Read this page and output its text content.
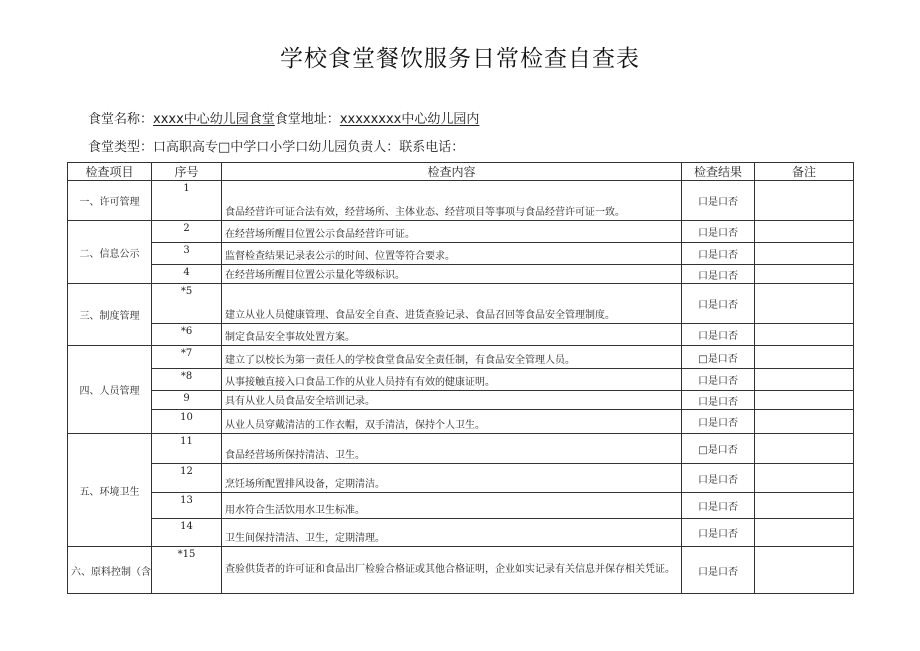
学校食堂餐饮服务日常检查自查表
食堂名称：xxxx中心幼儿园食堂食堂地址：xxxxxxxx中心幼儿园内
食堂类型：口高职高专□中学口小学口幼儿园负责人：联系电话：
检查项目	序号	检查内容	检查结果	备注
一、许可管理	1	食品经营许可证合法有效，经营场所、主体业态、经营项目等事项与食品经营许可证一致。	口是口否	
二、信息公示	2	在经营场所醒目位置公示食品经营许可证。	口是口否	
	3	监督检查结果记录表公示的时间、位置等符合要求。	口是口否	
	4	在经营场所醒目位置公示量化等级标识。	口是口否	
三、制度管理	*5	建立从业人员健康管理、食品安全自查、进货查验记录、食品召回等食品安全管理制度。	口是口否	
	*6	制定食品安全事故处置方案。	口是口否	
四、人员管理	*7	建立了以校长为第一责任人的学校食堂食品安全责任制，有食品安全管理人员。	□是口否	
	*8	从事接触直接入口食品工作的从业人员持有有效的健康证明。	口是口否	
	9	具有从业人员食品安全培训记录。	口是口否	
	10	从业人员穿戴清洁的工作衣帽，双手清洁，保持个人卫生。	口是口否	
五、环境卫生	11	食品经营场所保持清洁、卫生。	□是口否	
	12	烹饪场所配置排风设备，定期清洁。	口是口否	
	13	用水符合生活饮用水卫生标准。	口是口否	
	14	卫生间保持清洁、卫生，定期清理。	口是口否	
六、原料控制（含	*15	查验供货者的许可证和食品出厂检验合格证或其他合格证明，企业如实记录有关信息并保存相关凭证。	口是口否	
